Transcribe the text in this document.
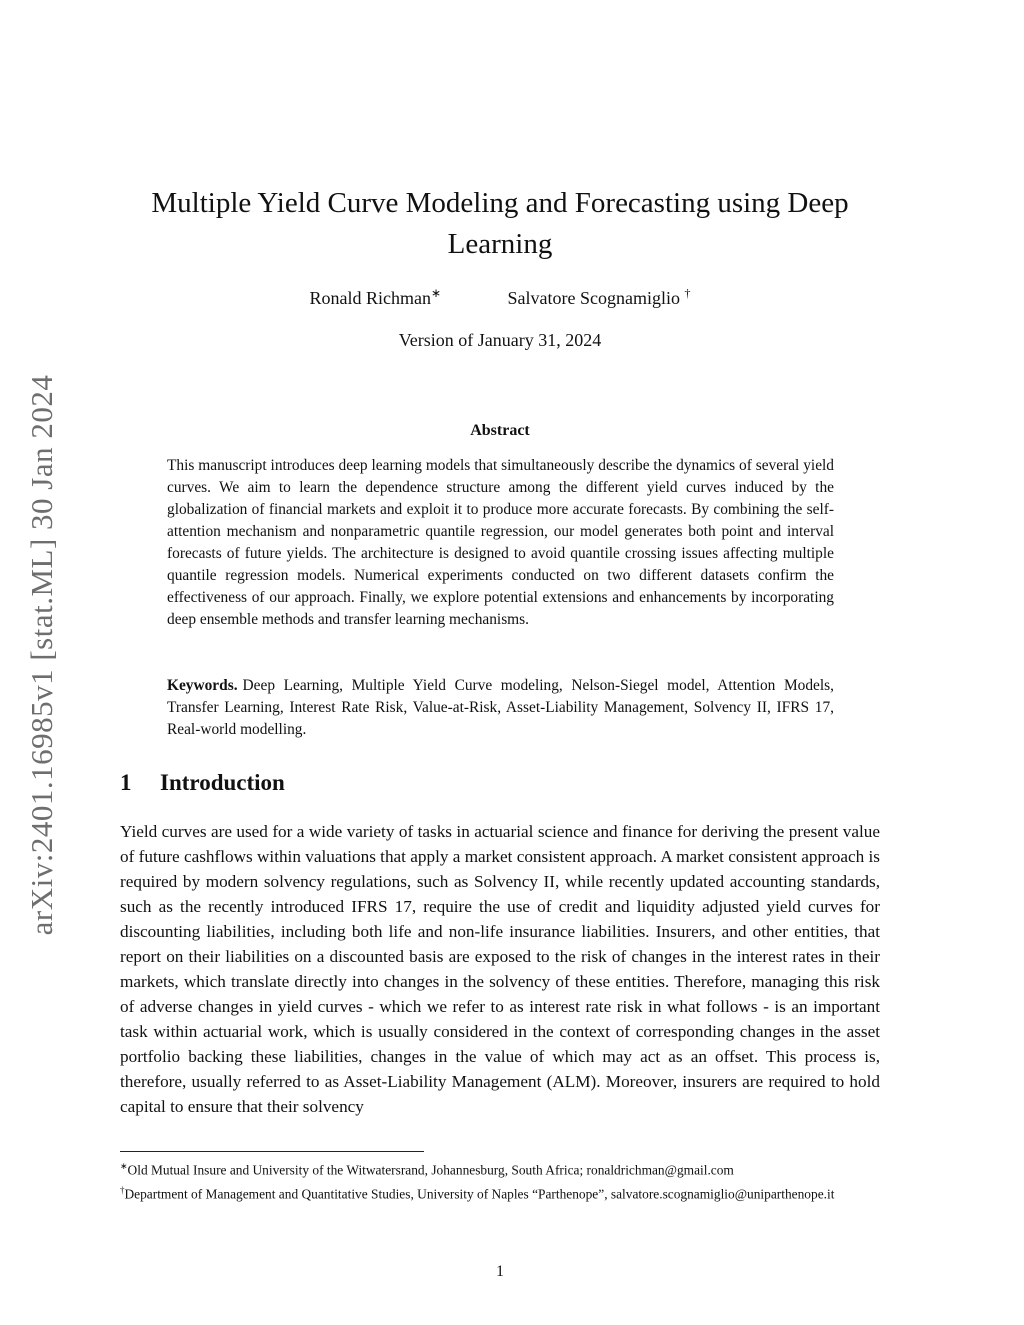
arXiv:2401.16985v1 [stat.ML] 30 Jan 2024
Multiple Yield Curve Modeling and Forecasting using Deep Learning
Ronald Richman∗	Salvatore Scognamiglio †
Version of January 31, 2024
Abstract

This manuscript introduces deep learning models that simultaneously describe the dynamics of several yield curves. We aim to learn the dependence structure among the different yield curves induced by the globalization of financial markets and exploit it to produce more accurate forecasts. By combining the self-attention mechanism and nonparametric quantile regression, our model generates both point and interval forecasts of future yields. The architecture is designed to avoid quantile crossing issues affecting multiple quantile regression models. Numerical experiments conducted on two different datasets confirm the effectiveness of our approach. Finally, we explore potential extensions and enhancements by incorporating deep ensemble methods and transfer learning mechanisms.

Keywords. Deep Learning, Multiple Yield Curve modeling, Nelson-Siegel model, Attention Models, Transfer Learning, Interest Rate Risk, Value-at-Risk, Asset-Liability Management, Solvency II, IFRS 17, Real-world modelling.

1 Introduction

Yield curves are used for a wide variety of tasks in actuarial science and finance for deriving the present value of future cashflows within valuations that apply a market consistent approach. A market consistent approach is required by modern solvency regulations, such as Solvency II, while recently updated accounting standards, such as the recently introduced IFRS 17, require the use of credit and liquidity adjusted yield curves for discounting liabilities, including both life and non-life insurance liabilities. Insurers, and other entities, that report on their liabilities on a discounted basis are exposed to the risk of changes in the interest rates in their markets, which translate directly into changes in the solvency of these entities. Therefore, managing this risk of adverse changes in yield curves - which we refer to as interest rate risk in what follows - is an important task within actuarial work, which is usually considered in the context of corresponding changes in the asset portfolio backing these liabilities, changes in the value of which may act as an offset. This process is, therefore, usually referred to as Asset-Liability Management (ALM). Moreover, insurers are required to hold capital to ensure that their solvency

∗Old Mutual Insure and University of the Witwatersrand, Johannesburg, South Africa; ronaldrichman@gmail.com

†Department of Management and Quantitative Studies, University of Naples “Parthenope”, salvatore.scognamiglio@uniparthenope.it

1
